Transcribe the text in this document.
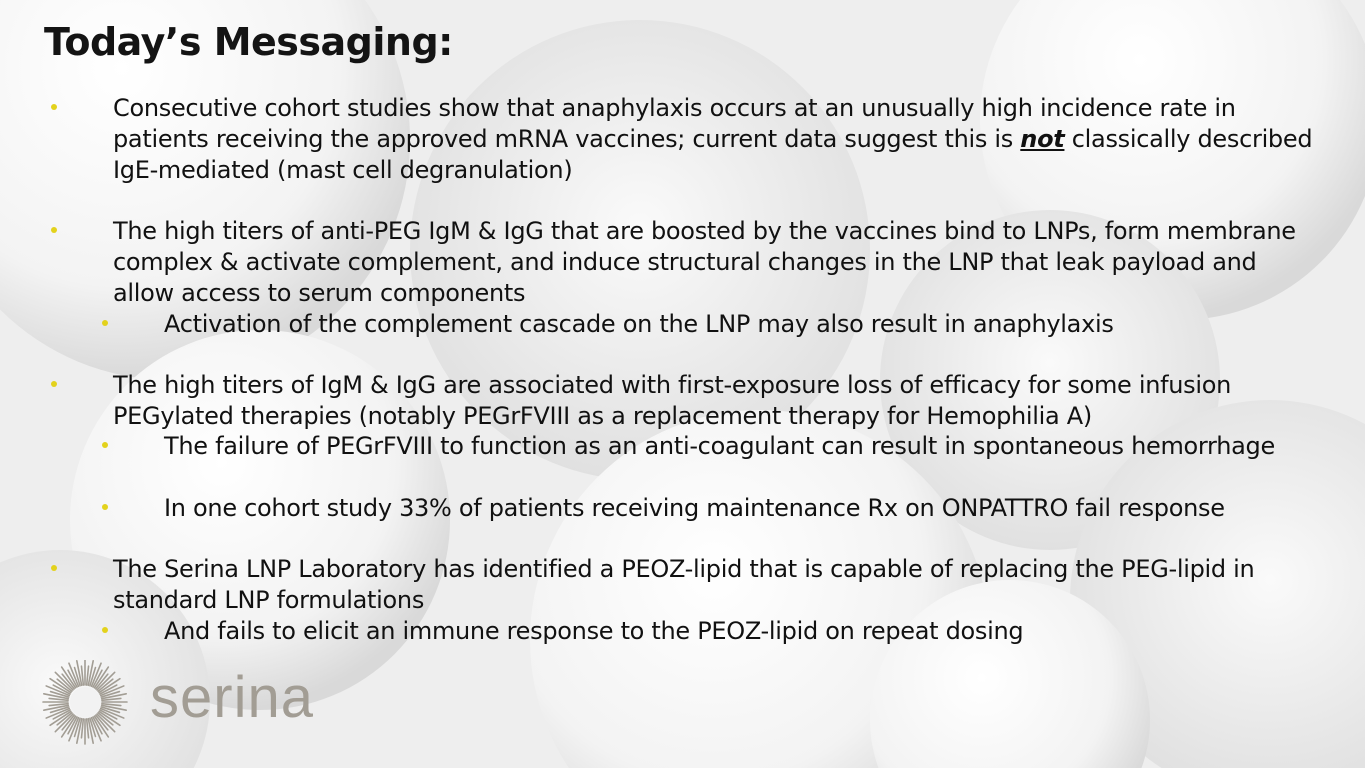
Today’s Messaging:
Consecutive cohort studies show that anaphylaxis occurs at an unusually high incidence rate in patients receiving the approved mRNA vaccines; current data suggest this is not classically described IgE-mediated (mast cell degranulation)
The high titers of anti-PEG IgM & IgG that are boosted by the vaccines bind to LNPs, form membrane complex & activate complement, and induce structural changes in the LNP that leak payload and allow access to serum components
Activation of the complement cascade on the LNP may also result in anaphylaxis
The high titers of IgM & IgG are associated with first-exposure loss of efficacy for some infusion PEGylated therapies (notably PEGrFVIII as a replacement therapy for Hemophilia A)
The failure of PEGrFVIII to function as an anti-coagulant can result in spontaneous hemorrhage
In one cohort study 33% of patients receiving maintenance Rx on ONPATTRO fail response
The Serina LNP Laboratory has identified a PEOZ-lipid that is capable of replacing the PEG-lipid in standard LNP formulations
And fails to elicit an immune response to the PEOZ-lipid on repeat dosing
serina
